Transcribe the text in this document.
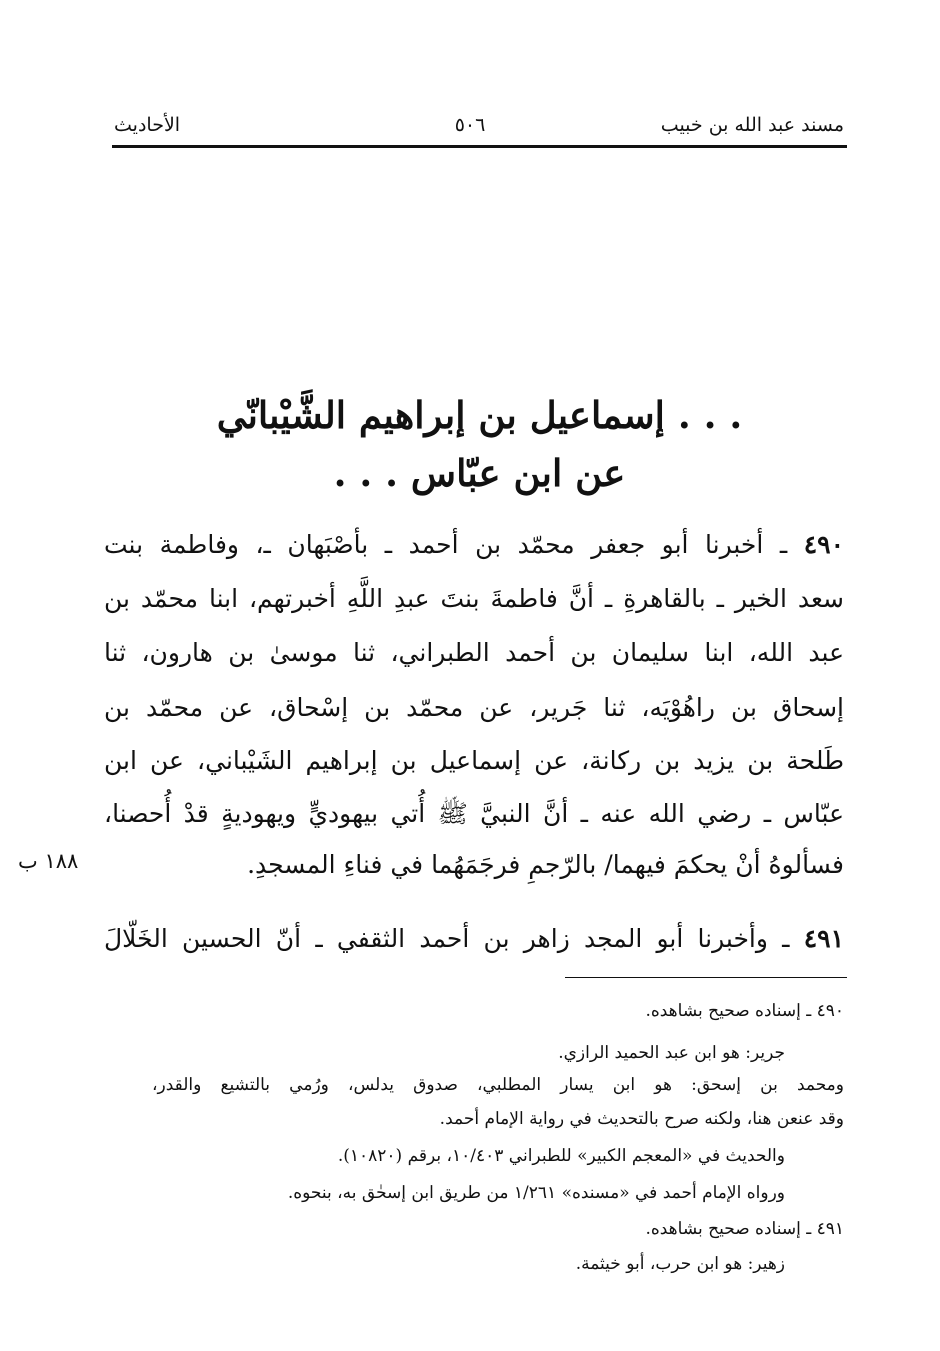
مسند عبد الله بن خبيب
٥٠٦
الأحاديث
. . . إسماعيل بن إبراهيم الشَّيْبانّي
عن ابن عبّاس . . .
٤٩٠ ـ أخبرنا أبو جعفر محمّد بن أحمد ـ بأصْبَهان ـ، وفاطمة بنت
سعد الخير ـ بالقاهرةِ ـ أنَّ فاطمةَ بنتَ عبدِ اللَّهِ أخبرتهم، ابنا محمّد بن
عبد الله، ابنا سليمان بن أحمد الطبراني، ثنا موسىٰ بن هارون، ثنا
إسحاق بن راهُوْيَه، ثنا جَرير، عن محمّد بن إسْحاق، عن محمّد بن
طَلحة بن يزيد بن ركانة، عن إسماعيل بن إبراهيم الشَيْباني، عن ابن
عبّاس ـ رضي الله عنه ـ أنَّ النبيَّ ﷺ أُتي بيهوديٍّ ويهوديةٍ قدْ أُحصنا،
فسألوهُ أنْ يحكمَ فيهما/ بالرّجمِ فرجَمَهُما في فناءِ المسجدِ.
١٨٨ ب
٤٩١ ـ وأخبرنا أبو المجد زاهر بن أحمد الثقفي ـ أنّ الحسين الخَلّالَ
٤٩٠ ـ إسناده صحيح بشاهده.
جرير: هو ابن عبد الحميد الرازي.
ومحمد بن إسحق: هو ابن يسار المطلبي، صدوق يدلس، ورُمي بالتشيع والقدر،
وقد عنعن هنا، ولكنه صرح بالتحديث في رواية الإمام أحمد.
والحديث في «المعجم الكبير» للطبراني ١٠/٤٠٣، برقم (١٠٨٢٠).
ورواه الإمام أحمد في «مسنده» ١/٢٦١ من طريق ابن إسحٰق به، بنحوه.
٤٩١ ـ إسناده صحيح بشاهده.
زهير: هو ابن حرب، أبو خيثمة.
